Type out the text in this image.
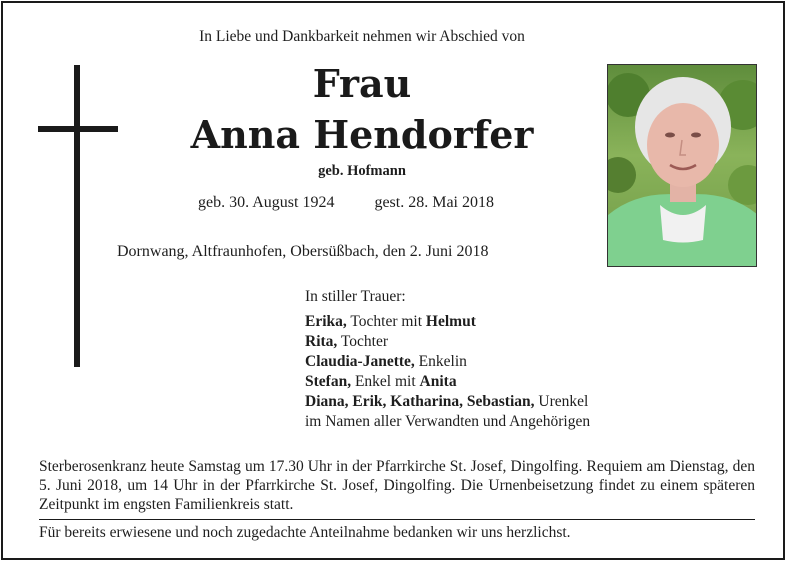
In Liebe und Dankbarkeit nehmen wir Abschied von
Frau
Anna Hendorfer
geb. Hofmann
geb. 30. August 1924	gest. 28. Mai 2018
Dornwang, Altfraunhofen, Obersüßbach, den 2. Juni 2018
In stiller Trauer:
Erika, Tochter mit Helmut
Rita, Tochter
Claudia-Janette, Enkelin
Stefan, Enkel mit Anita
Diana, Erik, Katharina, Sebastian, Urenkel
im Namen aller Verwandten und Angehörigen
Sterberosenkranz heute Samstag um 17.30 Uhr in der Pfarrkirche St. Josef, Dingolfing. Requiem am Dienstag, den 5. Juni 2018, um 14 Uhr in der Pfarrkirche St. Josef, Dingolfing. Die Urnenbeisetzung findet zu einem späteren Zeitpunkt im engsten Familienkreis statt.
Für bereits erwiesene und noch zugedachte Anteilnahme bedanken wir uns herzlichst.
